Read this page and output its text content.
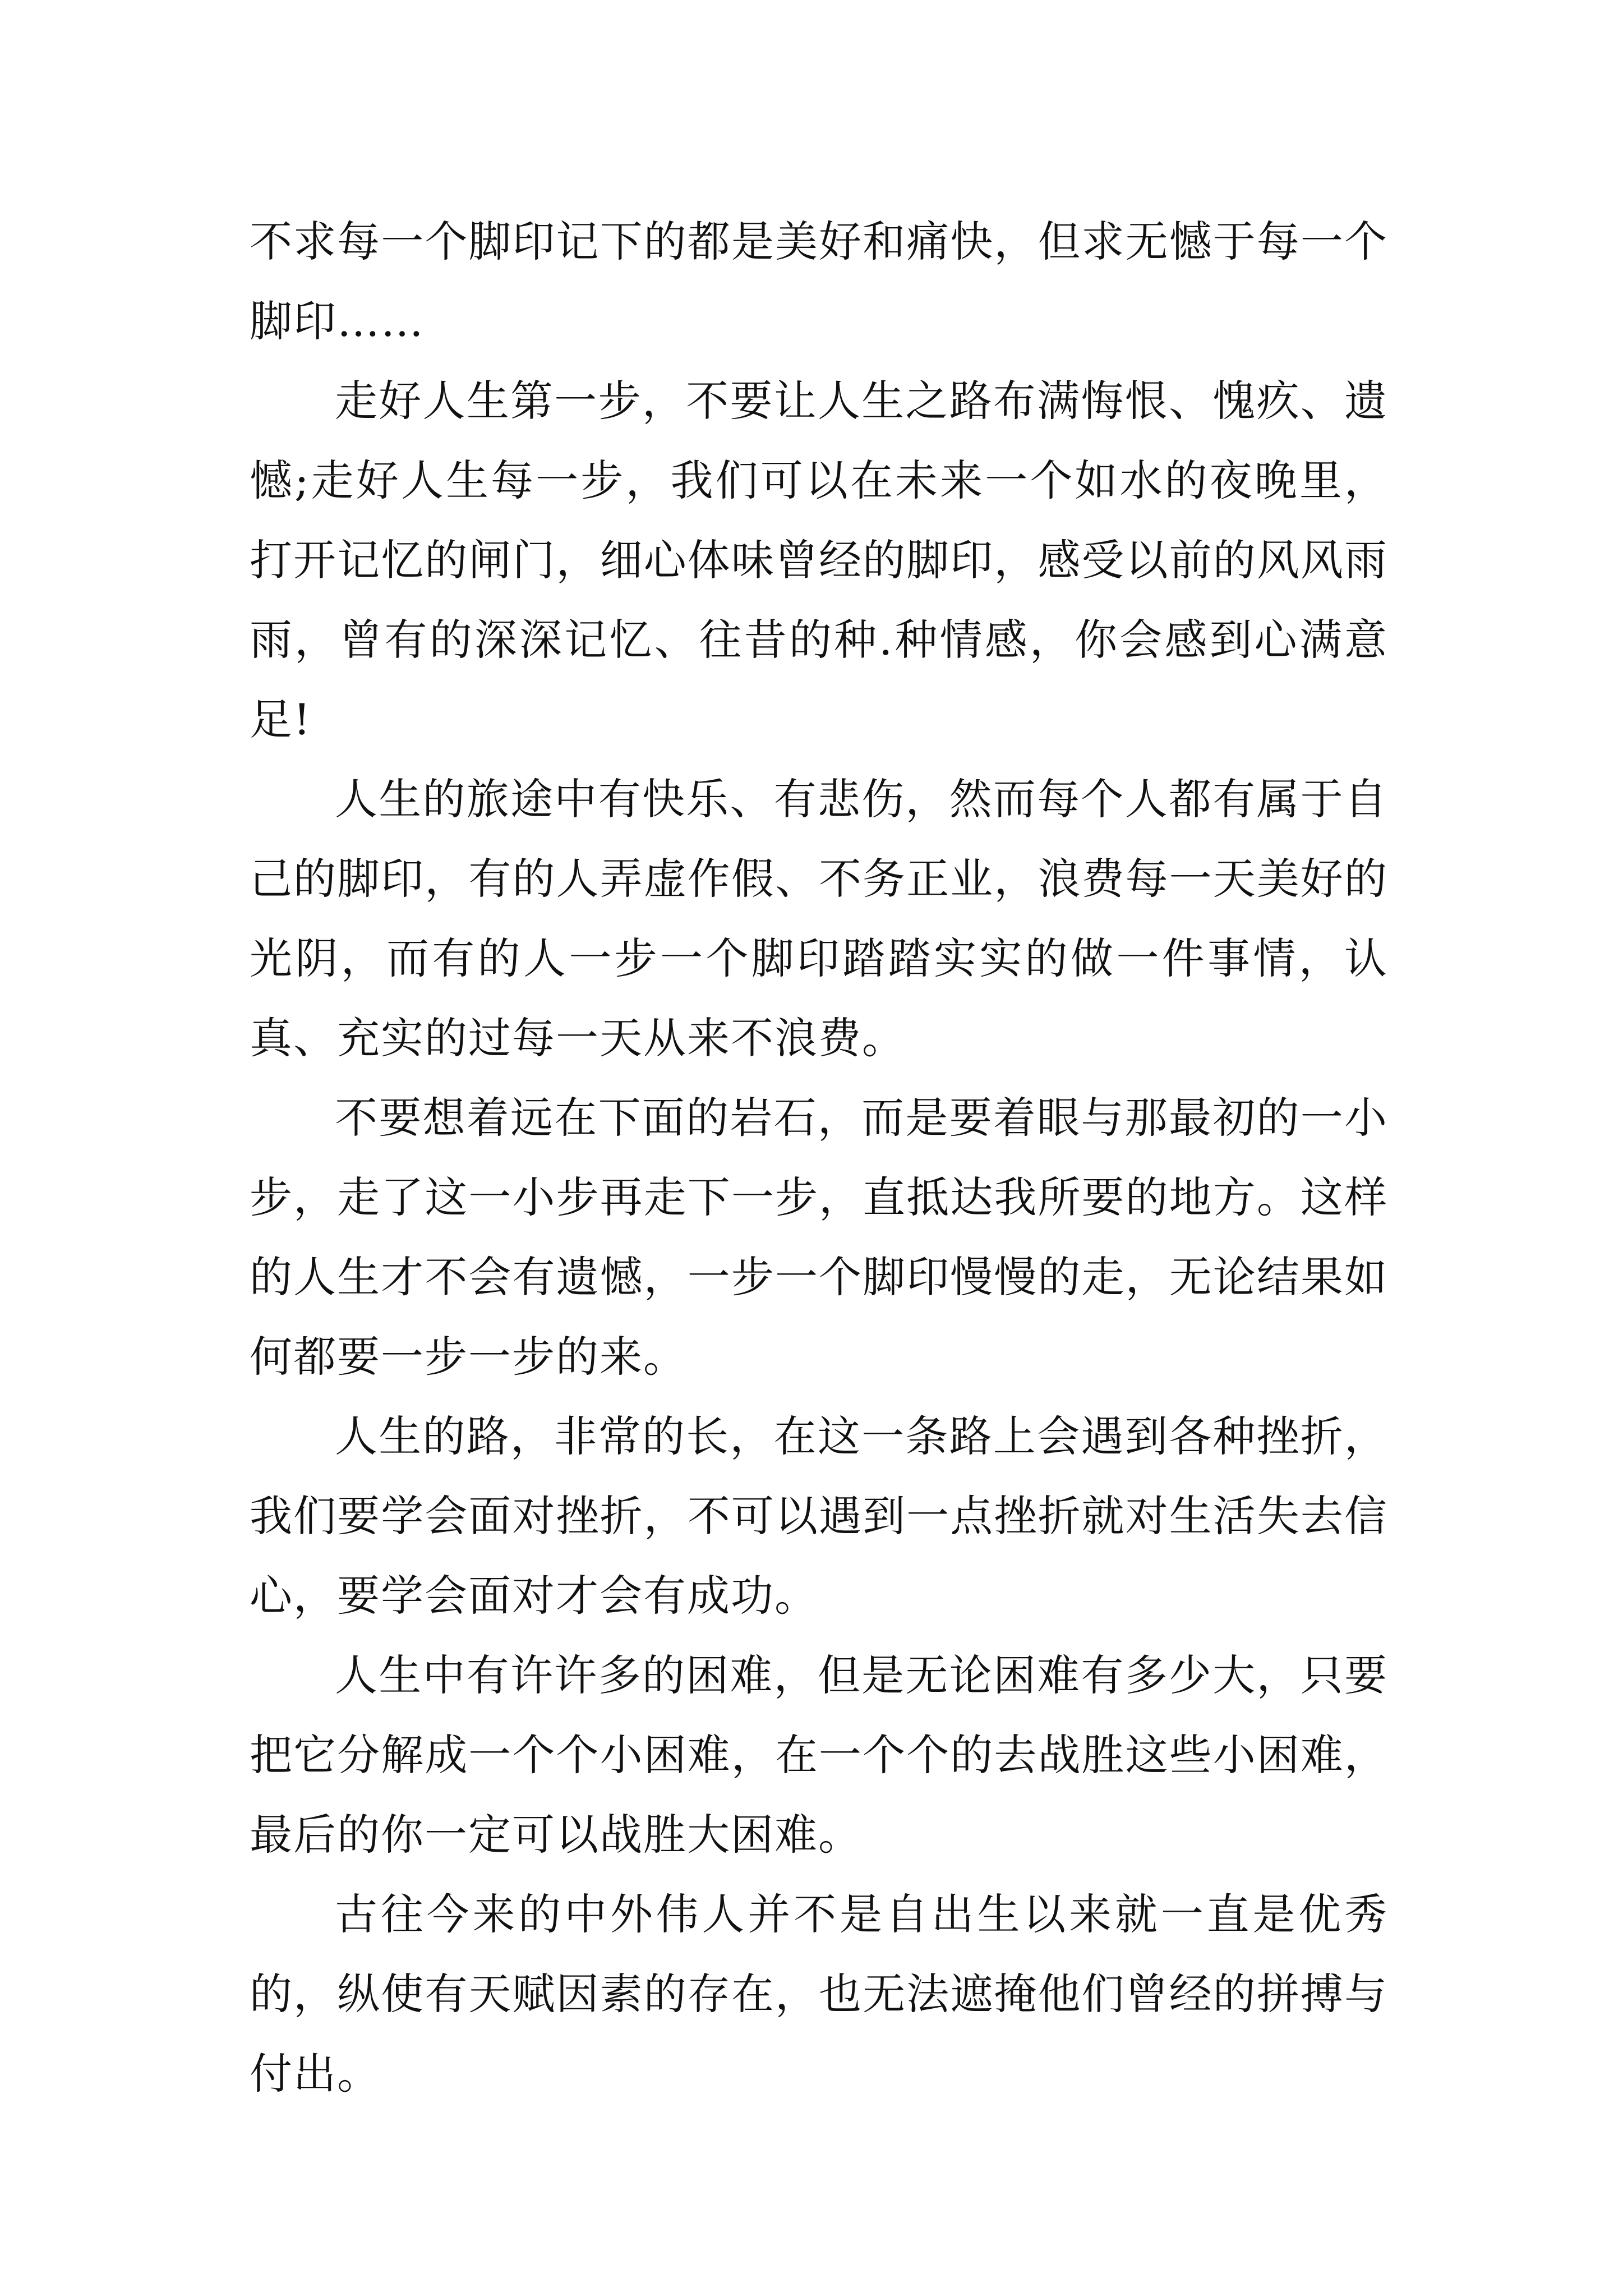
不求每一个脚印记下的都是美好和痛快，但求无憾于每一个脚印……

走好人生第一步，不要让人生之路布满悔恨、愧疚、遗憾;走好人生每一步，我们可以在未来一个如水的夜晚里，打开记忆的闸门，细心体味曾经的脚印，感受以前的风风雨雨，曾有的深深记忆、往昔的种.种情感，你会感到心满意足!

人生的旅途中有快乐、有悲伤，然而每个人都有属于自己的脚印，有的人弄虚作假、不务正业，浪费每一天美好的光阴，而有的人一步一个脚印踏踏实实的做一件事情，认真、充实的过每一天从来不浪费。

不要想着远在下面的岩石，而是要着眼与那最初的一小步，走了这一小步再走下一步，直抵达我所要的地方。这样的人生才不会有遗憾，一步一个脚印慢慢的走，无论结果如何都要一步一步的来。

人生的路，非常的长，在这一条路上会遇到各种挫折，我们要学会面对挫折，不可以遇到一点挫折就对生活失去信心，要学会面对才会有成功。

人生中有许许多的困难，但是无论困难有多少大，只要把它分解成一个个小困难，在一个个的去战胜这些小困难，最后的你一定可以战胜大困难。

古往今来的中外伟人并不是自出生以来就一直是优秀的，纵使有天赋因素的存在，也无法遮掩他们曾经的拼搏与付出。
